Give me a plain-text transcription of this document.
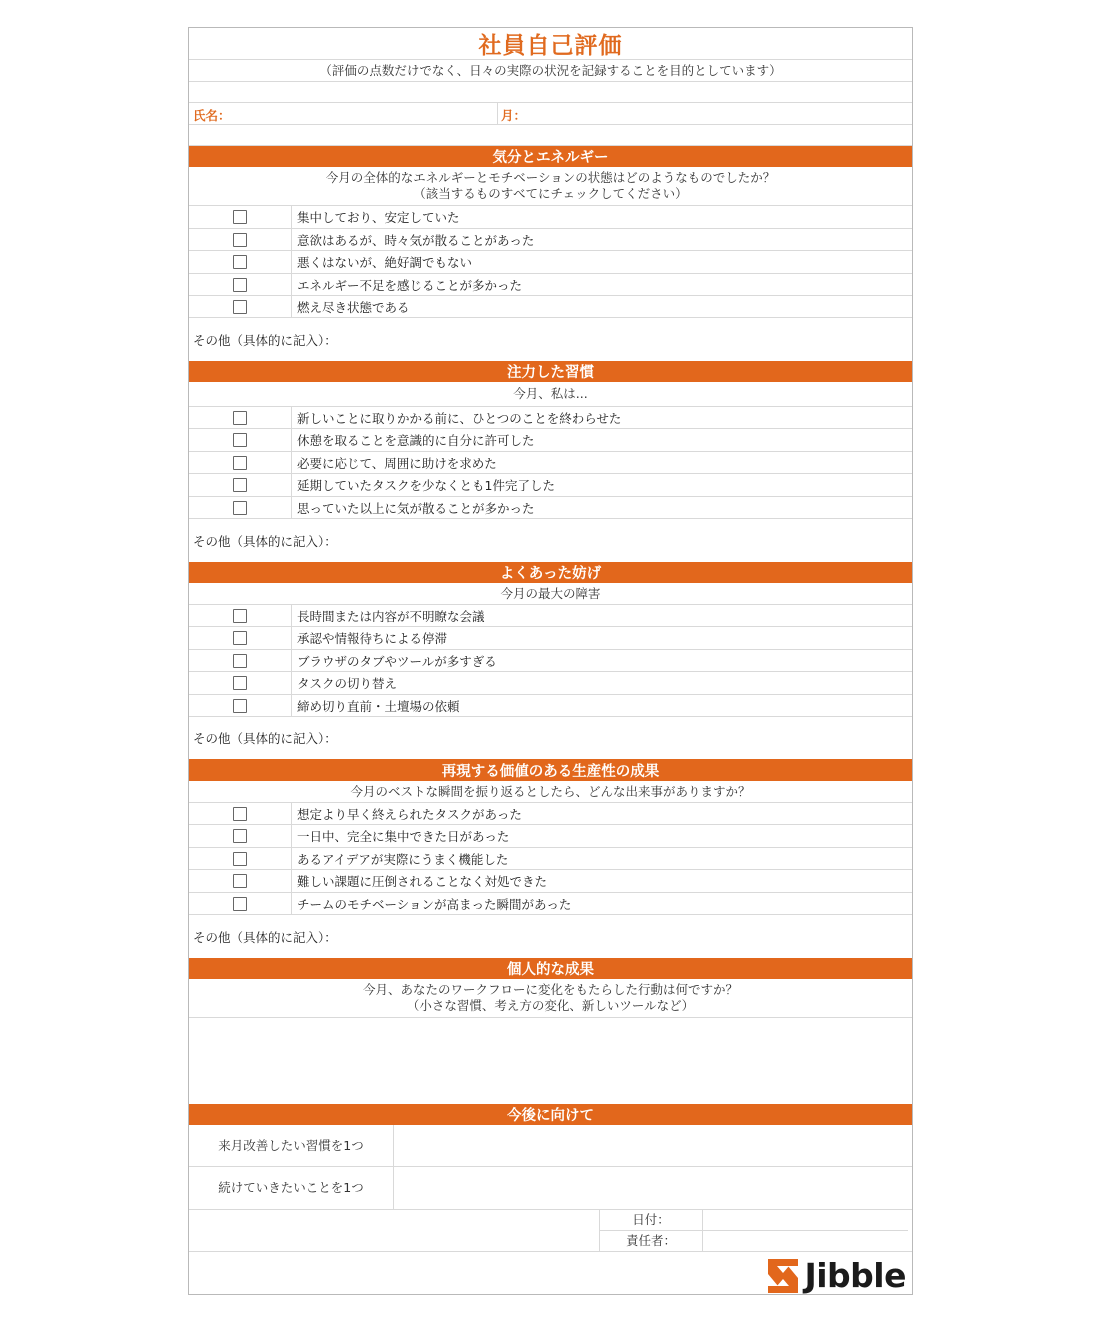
社員自己評価
（評価の点数だけでなく、日々の実際の状況を記録することを目的としています）
氏名：	月：
気分とエネルギー
今月の全体的なエネルギーとモチベーションの状態はどのようなものでしたか？
（該当するものすべてにチェックしてください）
集中しており、安定していた
意欲はあるが、時々気が散ることがあった
悪くはないが、絶好調でもない
エネルギー不足を感じることが多かった
燃え尽き状態である
その他（具体的に記入）：
注力した習慣
今月、私は...
新しいことに取りかかる前に、ひとつのことを終わらせた
休憩を取ることを意識的に自分に許可した
必要に応じて、周囲に助けを求めた
延期していたタスクを少なくとも1件完了した
思っていた以上に気が散ることが多かった
その他（具体的に記入）：
よくあった妨げ
今月の最大の障害
長時間または内容が不明瞭な会議
承認や情報待ちによる停滞
ブラウザのタブやツールが多すぎる
タスクの切り替え
締め切り直前・土壇場の依頼
その他（具体的に記入）：
再現する価値のある生産性の成果
今月のベストな瞬間を振り返るとしたら、どんな出来事がありますか？
想定より早く終えられたタスクがあった
一日中、完全に集中できた日があった
あるアイデアが実際にうまく機能した
難しい課題に圧倒されることなく対処できた
チームのモチベーションが高まった瞬間があった
その他（具体的に記入）：
個人的な成果
今月、あなたのワークフローに変化をもたらした行動は何ですか？
（小さな習慣、考え方の変化、新しいツールなど）
今後に向けて
来月改善したい習慣を1つ
続けていきたいことを1つ
日付：
責任者：
Jibble
